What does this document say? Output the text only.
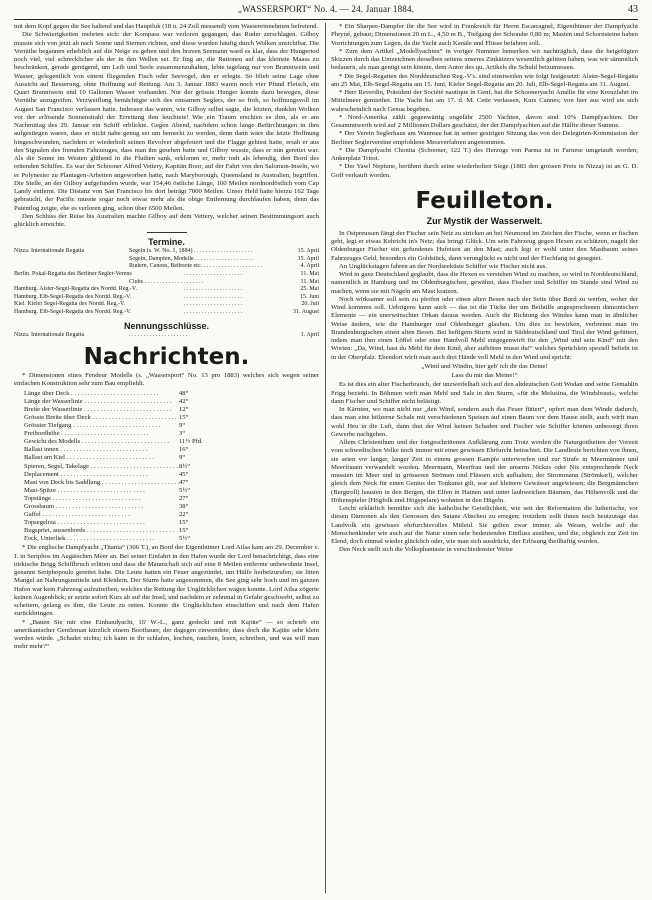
„WASSERSPORT“ No. 4. — 24. Januar 1884.	43

mit dem Kopf gegen die See haltend und das Hauptluk (18 u. 24 Zoll messend) vom Wassereinnehmen befreiend.

Die Schwierigkeiten mehrten sich: der Kompass war verloren gegangen, das Ruder zerschlagen. Gilboy musste sich von jetzt ab nach Sonne und Sternen richten, und diese wurden häufig durch Wolken unsichtbar. Die Vorräthe begannen erheblich auf die Neige zu gehen und den braven Seemann ward es klar, dass der Hungertod noch viel, viel schrecklicher als der in den Wellen sei. Er fing an, die Rationen auf das kleinste Maass zu beschränken, gerade genügend, um Leib und Seele zusammenzuhalten, lebte tagelang nur von Branntwein und Wasser, gelegentlich von einem fliegenden Fisch oder Seevogel, den er erlegte. So blieb seine Lage ohne Aussicht auf Besserung, ohne Hoffnung auf Rettung. Am 3. Januar 1883 waren noch vier Pfund Fleisch, ein Quart Branntwein und 10 Gallonen Wasser vorhanden. Nur der grösste Hunger konnte dazu bewegen, diese Vorräthe anzugreifen. Verzweiflung bemächtigte sich des einsamen Seglers, der so froh, so hoffnungsvoll im August San Francisco verlassen hatte. Indessen das waren, wie Gilboy selbst sagte, die letzten, dunklen Wolken vor der erlösende Sonnenstrahl der Errettung ihm leuchtete! Wie ein Traum erschien es ihm, als er am Nachmittag des 29. Januar ein Schiff erblickte. Gegen Abend, nachdem schon lange Befürchtungen in ihm aufgestiegen waren, dass er nicht nahe genug sei um bemerkt zu werden, denn dann wäre die letzte Hoffnung hingeschwunden, nachdem er wiederholt seinen Revolver abgefeuert und die Flagge gehisst hatte, ersah er aus den Signalen des fremden Fahrzeuges, dass man ihn gesehen hatte und Gilboy wusste, dass er nun gerettet war. Als die Sonne im Westen glühend in die Fluthen sank, erklomm er, mehr todt als lebendig, den Bord des rettenden Schiffes. Es war der Schooner Alfred Vettery, Kapitän Boor, auf der Fahrt von den Salomon-Inseln, wo er Polynesier zu Plantagen-Arbeiten angeworben hatte, nach Maryborough, Queensland in Australien, begriffen. Die Stelle, an der Gilboy aufgefunden wurde, war 154,46 östliche Länge, 160 Meilen nordnordöstlich vom Cap Landy entfernt. Die Distanz von San Francisco bis dort beträgt 7000 Meilen. Unser Held hatte hierzu 162 Tage gebraucht, der Pacific musste sogar noch etwas mehr als die obige Entfernung durchlaufen haben, denn das Patentlog zeigte, ehe es verloren ging, schon über 6500 Meilen.

Den Schluss der Reise bis Australien machte Gilboy auf dem Vettery, welcher seinen Bestimmungsort auch glücklich erreichte.

Termine.
Nizza. Internationale Regatta	Segeln (s. W. No. 1, 1884) . . .	15. April
Segeln, Dampfen, Modelle . . .	15. April
Rudern, Canoes, Beiboote etc. . . .	4. April
Berlin. Pokal-Regatta des Berliner Segler-Verens . . .	11. Mai
Clubs . . .	11. Mai
Hamburg. Alster-Segel-Regatta des Nordd. Reg.-V. . . .	25. Mai
Hamburg. Elb-Segel-Regatta des Nordd. Reg.-V. . . .	15. Juni
Kiel. Kieler Segel-Regatta des Nordd. Reg.-V. . . .	20. Juli
Hamburg. Elb-Segel-Regatta des Nordd. Reg.-V. . . .	31. August
Nennungsschlüsse.
Nizza. Internationale Regatta . . .	1. April
Nachrichten.

* Dimensionen eines Fendeur Modells (s. „Wassersport“ No. 13 pro 1883) welches sich wegen seiner einfachen Konstruktion sehr zum Bau empfiehlt.

Länge über Deck . . .	48“
Länge der Wasserlinie . . .	42“
Breite der Wasserlinie . . .	12“
Grösste Breite über Deck . . .	15“
Grösster Tiefgang . . .	9“
Freibordhöhe . . .	3“
Gewicht des Modells . . .	11½ Pfd.
Ballast innen . . .	16“
Ballast am Kiel . . .	9“
Spieren, Segel, Takelage . . .	8½“
Deplacement . . .	45“
Mast von Deck bis Saddlung . . .	47“
Mast-Spitze . . .	5½“
Topstänge . . .	27“
Grossbaum . . .	38“
Gaffel . . .	22“
Topsegelraa . . .	15“
Bugspriet, aussenbords . . .	15“
Fock, Unterliek . . .	5½“

* Die englische Dampfyacht „Titania“ (306 T.), an Bord der Eigenthümer Lord Ailsa kam am 29. December v. J. in Seriphos im Aegäischen Meer an. Bei seiner Einfahrt in den Hafen wurde der Lord benachrichtigt, dass eine türkische Brigg Schiffbruch erlitten und dass die Mannschaft sich auf eine 8 Meilen entfernte unbewohnte Insel, genannt Seriphopoulo gerettet habe. Die Leute hatten ein Feuer angezündet, um Hülfe herbeizurufen; sie litten Mangel an Nahrungsmitteln und Kleidern. Der Sturm hatte angenommen, die See ging sehr hoch und im ganzen Hafen war kein Fahrzeug aufzutreiben, welches die Rettung der Unglücklichen wagen konnte. Lord Ailsa zögerte keinen Augenblick; er setzte sofort Kurs ab auf die Insel, und nachdem er zehnmal in Gefahr geschwebt, selbst zu scheitern, gelang es ihm, die Leute zu retten. Konnte die Unglücklichen einschiffen und nach dem Hafen zurückbringen.

* „Bauen Sie mir eine Einhandyacht, 16' W.-L., ganz gedeckt und mit Kajüte“ — so schrieb ein amerikanischer Gentleman kürzlich einem Bootbauer, der dagegen einwendete, dass doch die Kajüte sehr klein werden würde. „Schadet nichts; ich kann in ihr schlafen, kochen, rauchen, lesen, schreiben, und was will man mehr mehr?“

* Ein Sharpee-Dampfer für die See wird in Frankreich für Herrn Escarragnel, Eigenthümer der Dampfyacht Phryné, gebaut; Dimensionen 20 m L., 4,50 m B., Tiefgang der Schraube 0,80 m; Masten und Schornsteine haben Vorrichtungen zum Legen, da die Yacht auch Kanäle und Flüsse befahren soll.

* Zum dem Artikel „Modellyachten“ in voriger Nummer bemerken wir nachträglich, dass die beigefügten Skizzen durch das Umzeichnen derselben seitens unseres Zinkätzers wesentlich gelitten haben, was wir sämmtlich bedauern, als man genügt sein könnte, dem Autor des qu. Artikels die Schuld beizumessen.

* Die Segel-Regatten des Norddeutschen Reg.-V's. sind einstweilen wie folgt festgesetzt: Alster-Segel-Regatta am 25 Mai, Elb-Segel-Regatta am 15. Juni, Kieler Segel-Regatta am 20. Juli, Elb-Segel-Regatta am 31. August.

* Herr Reverdin, Präsident der Société nautique in Genf, hat die Schooneryacht Amélie für eine Kreuzfahrt im Mittelmeer gemiethet. Die Yacht hat am 17. d. M. Cette verlassen, Kurs Cannes; von hier aus wird sie sich wahrscheinlich nach Genua begeben.

* Nord-Amerika zählt gegenwärtig ungefähr 2500 Yachten, davon sind 10% Dampfyachten. Der Gesammtwerth wird auf 2 Millionen Dollars geschätzt, der der Dampfyachten auf die Hälfte dieser Summe.

* Der Verein Seglerhaus am Wannsee hat in seiner gestrigen Sitzung das von der Delegirten-Kommission der Berliner Seglervereine empfohlene Messverfahren angenommen.

* Die Dampfyacht Chonita (Schooner, 122 T.) des Herzogs von Parma ist in Farnese umgetauft worden; Ankerplatz Triest.

* Der Yawl Neptune, berühmt durch seine wiederholten Siege (1883 den grossen Preis in Nizza) ist an G. D. Goff verkauft worden.

Feuilleton.
Zur Mystik der Wasserwelt.

In Ostpreussen fängt der Fischer sein Netz zu stricken an bei Neumond im Zeichen der Fische, wenn er fischen geht, legt er etwas Kehricht in's Netz; das bringt Glück. Um sein Fahrzeug gegen Hexen zu schützen, nagelt der Oldenburger Fischer ein gefundenes Hufeisen an den Mast; auch legt er wohl unter den Mastbaum seines Fahrzeuges Geld, besonders ein Goldstück, dann verunglückt es nicht und der Fischfang ist gesegnet.

An Unglückstagen fahren an der Nordseeküste Schiffer wie Fischer nicht aus.

Wird in ganz Deutschland geglaubt, dass die Hexen es verstehen Wind zu machen, so wird in Norddeutschland, namentlich in Hamburg und im Oldenburgischen, gewähnt, dass Fischer und Schiffer im Stande sind Wind zu machen, wenn sie mit Nägeln am Mast kratzen.

Noch wirksamer soll sein zu pfeifen oder einen alten Besen nach der Seite über Bord zu werfen, woher der Wind kommen soll. Uebrigens kann auch — das ist die Tücke der um Beihülfe angesprochenen dämonischen Elemente — ein unerwünschter Orkan daraus werden. Auch die Richtung des Windes kann man in ähnlicher Weise ändern, wie die Hamburger und Oldenburger glauben. Um dies zu bewirken, verbrennt man im Brandenburgischen einen alten Besen. Bei heftigem Sturm wird in Süddeutschland und Tirol der Wind gefüttert, indem man ihm einen Löffel oder eine Handvoll Mehl entgegenwirft für den „Wind und sein Kind“ mit den Worten: „Da, Wind, hast du Mehl für dein Kind, aber aufhören musst du!“ welches Sprüchlein speziell beliebt ist in der Oberpfalz. Ebendort wirft man auch drei Hände voll Mehl in den Wind und spricht:

„Wind und Windin, hier geb' ich dir das Deine!

Lass du mir das Meine!“

Es ist dies ein alter Fischerbrauch, der unzweifelhaft sich auf den altdeutschen Gott Wodan und seine Gemahlin Frigg bezieht. In Böhmen wirft man Mehl und Salz in den Sturm, »für die Melusina, die Windsbraut«, welche dann Fischer und Schiffer nicht belästigt.

In Kärnten, wo man nicht nur „den Wind, sondern auch das Feuer füttert“, opfert man dem Winde dadurch, dass man eine hölzerne Schale mit verschiedenen Speisen auf einen Baum vor dem Hause stellt, auch wirft man wohl Heu in die Luft, dann thut der Wind keinen Schaden und Fischer wie Schiffer können unbesorgt ihren Gewerbe nachgehen.

Allem Christenthum und der fortgeschrittenen Aufklärung zum Trotz werden die Naturgottheiten der Vorzeit vom schwedischen Volke noch immer mit einer gewissen Ehrfurcht betrachtet. Die Landleute berichten von ihnen, sie seien vor langer, langer Zeit in einem grossen Kampfe unterworfen und zur Strafe in Meermänner und Meerfrauen verwandelt worden. Meermann, Meerfrau und der unserm Nickus oder Nix entsprechende Neck mussten im Meer und in grösseren Strömen und Flüssen sich aufhalten; der Strommann (Strömkarl), welcher gleich dem Neck für einen Genius der Tonkunst gilt, war auf kleinere Gewässer angewiesen; die Bergmännchen (Bergtroll) hausten in den Bergen, die Elfen in Hainen und unter laubweichen Bäumen, das Höhenvolk und die Höhenspieler (Högfolk und Högspelare) wohnten in den Hügeln.

Leicht erklärlich bemühte sich die katholische Geistlichkeit, wie seit der Reformation die lutherische, vor diesen Dämonen als den Genossen des Satans Abscheu zu erregen; trotzdem zollt ihnen noch heutzutage das Landvolk ein gewisses ehrfurchtsvolles Mitleid. Sie gelten zwar immer als Wesen, welche auf die Menschenkinder wie auch auf die Natur einen sehr bedeutenden Einfluss ausüben, und die, obgleich zur Zeit im Elend, doch einmal wieder glücklich oder, wie man sich ausdrückt, der Erlösung theilhaftig wurden.

Den Neck stellt sich die Volksphantasie in verschiedenster Weise
